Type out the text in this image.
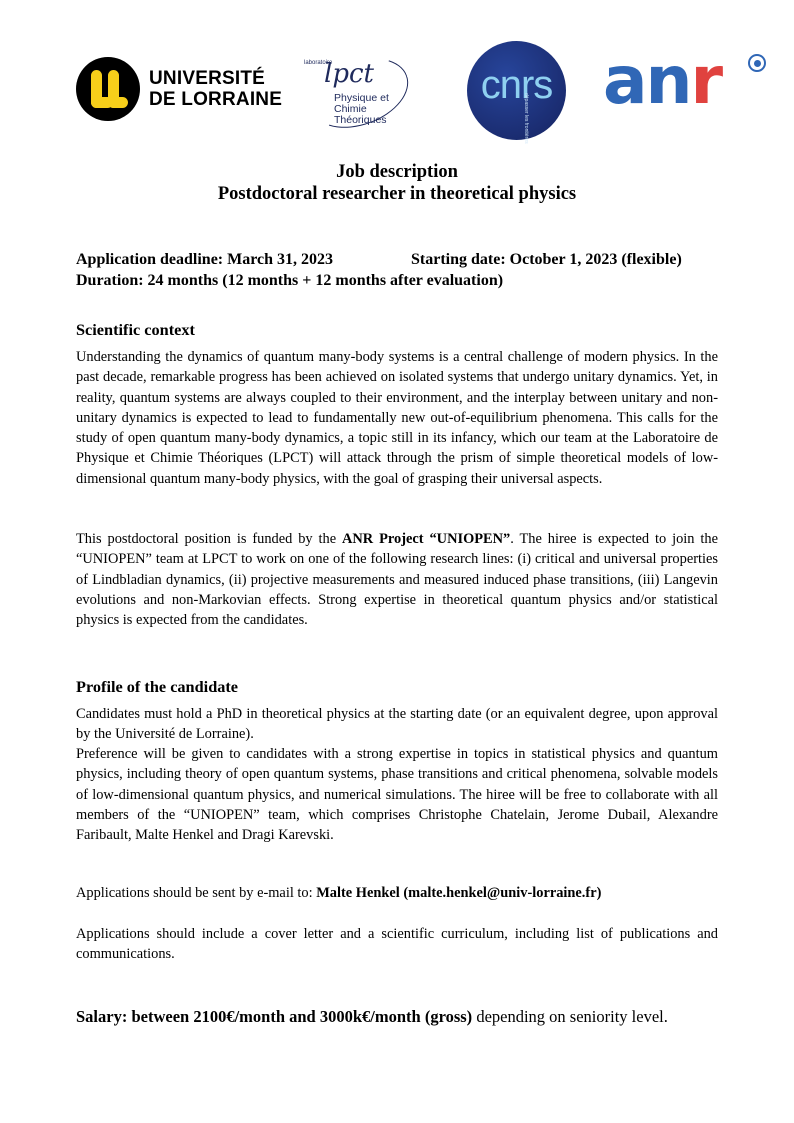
UNIVERSITÉ
DE LORRAINE
laboratoire
lpct
Physique et Chimie Théoriques
cnrs
dépasser les frontières anr
Job description
Postdoctoral researcher in theoretical physics
Application deadline: March 31, 2023	Starting date: October 1, 2023 (flexible)
Duration: 24 months (12 months + 12 months after evaluation)
Scientific context
Understanding the dynamics of quantum many-body systems is a central challenge of modern physics. In the past decade, remarkable progress has been achieved on isolated systems that undergo unitary dynamics. Yet, in reality, quantum systems are always coupled to their environment, and the interplay between unitary and non-unitary dynamics is expected to lead to fundamentally new out-of-equilibrium phenomena. This calls for the study of open quantum many-body dynamics, a topic still in its infancy, which our team at the Laboratoire de Physique et Chimie Théoriques (LPCT) will attack through the prism of simple theoretical models of low-dimensional quantum many-body physics, with the goal of grasping their universal aspects.
This postdoctoral position is funded by the ANR Project “UNIOPEN”. The hiree is expected to join the “UNIOPEN” team at LPCT to work on one of the following research lines: (i) critical and universal properties of Lindbladian dynamics, (ii) projective measurements and measured induced phase transitions, (iii) Langevin evolutions and non-Markovian effects. Strong expertise in theoretical quantum physics and/or statistical physics is expected from the candidates.
Profile of the candidate
Candidates must hold a PhD in theoretical physics at the starting date (or an equivalent degree, upon approval by the Université de Lorraine).
Preference will be given to candidates with a strong expertise in topics in statistical physics and quantum physics, including theory of open quantum systems, phase transitions and critical phenomena, solvable models of low-dimensional quantum physics, and numerical simulations. The hiree will be free to collaborate with all members of the “UNIOPEN” team, which comprises Christophe Chatelain, Jerome Dubail, Alexandre Faribault, Malte Henkel and Dragi Karevski.
Applications should be sent by e-mail to: Malte Henkel (malte.henkel@univ-lorraine.fr)
Applications should include a cover letter and a scientific curriculum, including list of publications and communications.
Salary: between 2100€/month and 3000k€/month (gross) depending on seniority level.
